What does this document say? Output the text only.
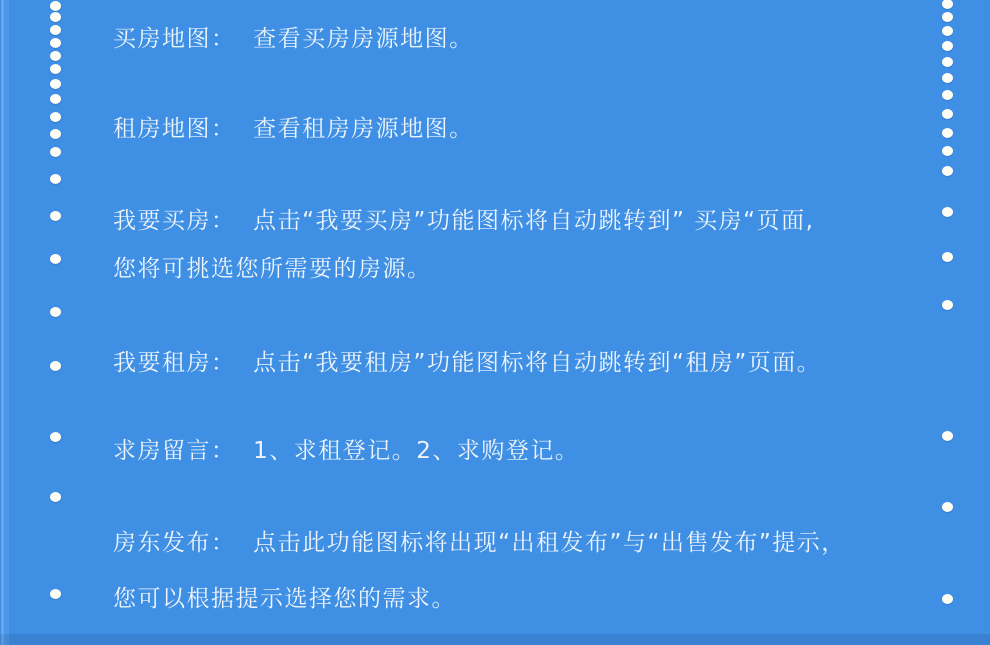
买房地图：  查看买房房源地图。
租房地图：  查看租房房源地图。
我要买房：  点击“我要买房”功能图标将自动跳转到” 买房“页面,
您将可挑选您所需要的房源。
我要租房：  点击“我要租房”功能图标将自动跳转到“租房”页面。
求房留言：  1、求租登记。2、求购登记。
房东发布：  点击此功能图标将出现“出租发布”与“出售发布”提示，
您可以根据提示选择您的需求。
